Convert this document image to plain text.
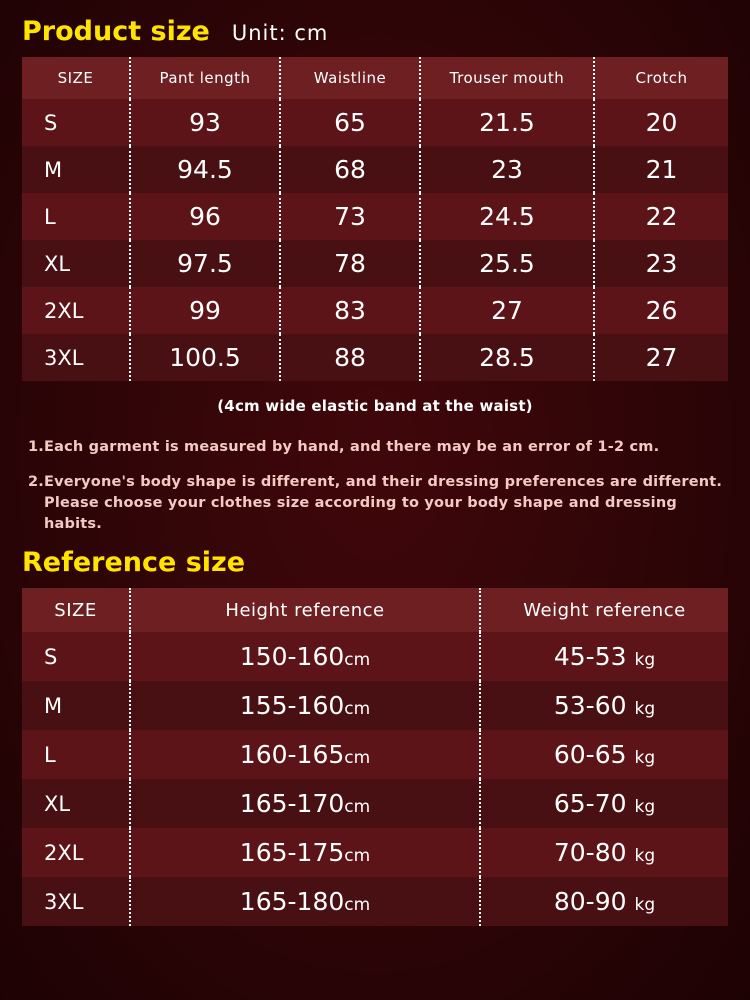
Product size Unit: cm
SIZE	Pant length	Waistline	Trouser mouth	Crotch
S	93	65	21.5	20
M	94.5	68	23	21
L	96	73	24.5	22
XL	97.5	78	25.5	23
2XL	99	83	27	26
3XL	100.5	88	28.5	27
(4cm wide elastic band at the waist)
1.Each garment is measured by hand, and there may be an error of 1-2 cm.
2.Everyone's body shape is different, and their dressing preferences are different.
Please choose your clothes size according to your body shape and dressing habits.
Reference size
SIZE	Height reference	Weight reference
S	150-160cm	45-53 kg
M	155-160cm	53-60 kg
L	160-165cm	60-65 kg
XL	165-170cm	65-70 kg
2XL	165-175cm	70-80 kg
3XL	165-180cm	80-90 kg
